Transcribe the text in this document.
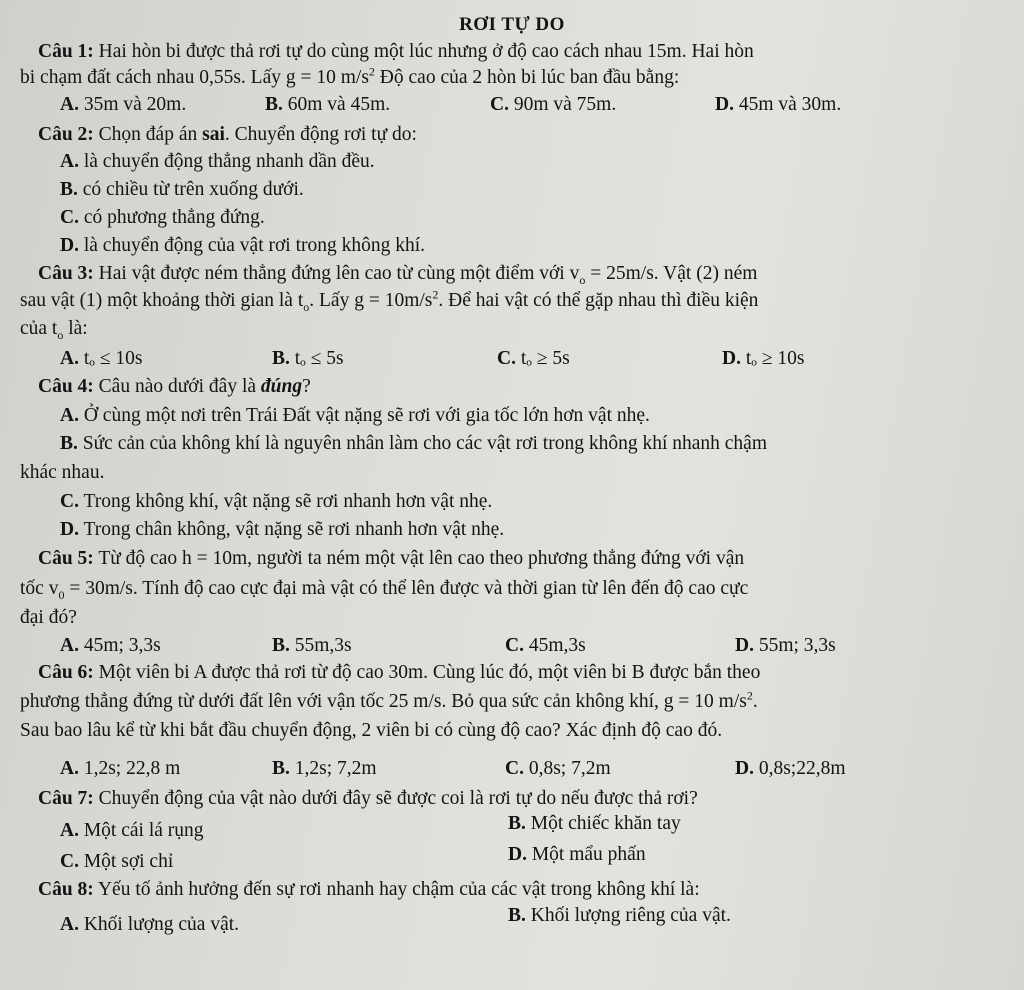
RƠI TỰ DO
Câu 1: Hai hòn bi được thả rơi tự do cùng một lúc nhưng ở độ cao cách nhau 15m. Hai hòn
bi chạm đất cách nhau 0,55s. Lấy g = 10 $m/s^2$ Độ cao của 2 hòn bi lúc ban đầu bằng:
A. 35m và 20m.	B. 60m và 45m.	C. 90m và 75m.	D. 45m và 30m.
Câu 2: Chọn đáp án sai. Chuyển động rơi tự do:
A. là chuyển động thẳng nhanh dần đều.
B. có chiều từ trên xuống dưới.
C. có phương thẳng đứng.
D. là chuyển động của vật rơi trong không khí.
Câu 3: Hai vật được ném thẳng đứng lên cao từ cùng một điểm với $v_o = 25m/s$. Vật (2) ném
sau vật (1) một khoảng thời gian là $t_o$. Lấy $g = 10m/s^2$. Để hai vật có thể gặp nhau thì điều kiện
của $t_o$ là:
A. tₒ ≤ 10s	B. tₒ ≤ 5s	C. tₒ ≥ 5s	D. tₒ ≥ 10s
Câu 4: Câu nào dưới đây là đúng?
A. Ở cùng một nơi trên Trái Đất vật nặng sẽ rơi với gia tốc lớn hơn vật nhẹ.
B. Sức cản của không khí là nguyên nhân làm cho các vật rơi trong không khí nhanh chậm
khác nhau.
C. Trong không khí, vật nặng sẽ rơi nhanh hơn vật nhẹ.
D. Trong chân không, vật nặng sẽ rơi nhanh hơn vật nhẹ.
Câu 5: Từ độ cao h = 10m, người ta ném một vật lên cao theo phương thẳng đứng với vận
tốc $v_0 = 30m/s$. Tính độ cao cực đại mà vật có thể lên được và thời gian từ lên đến độ cao cực
đại đó?
A. 45m; 3,3s	B. 55m,3s	C. 45m,3s	D. 55m; 3,3s
Câu 6: Một viên bi A được thả rơi từ độ cao 30m. Cùng lúc đó, một viên bi B được bắn theo
phương thẳng đứng từ dưới đất lên với vận tốc 25 m/s. Bỏ qua sức cản không khí, g = 10 $m/s^2$.
Sau bao lâu kể từ khi bắt đầu chuyển động, 2 viên bi có cùng độ cao? Xác định độ cao đó.
A. 1,2s; 22,8 m	B. 1,2s; 7,2m	C. 0,8s; 7,2m	D. 0,8s;22,8m
Câu 7: Chuyển động của vật nào dưới đây sẽ được coi là rơi tự do nếu được thả rơi?
A. Một cái lá rụng	B. Một chiếc khăn tay
C. Một sợi chỉ	D. Một mẩu phấn
Câu 8: Yếu tố ảnh hưởng đến sự rơi nhanh hay chậm của các vật trong không khí là:
A. Khối lượng của vật.	B. Khối lượng riêng của vật.
